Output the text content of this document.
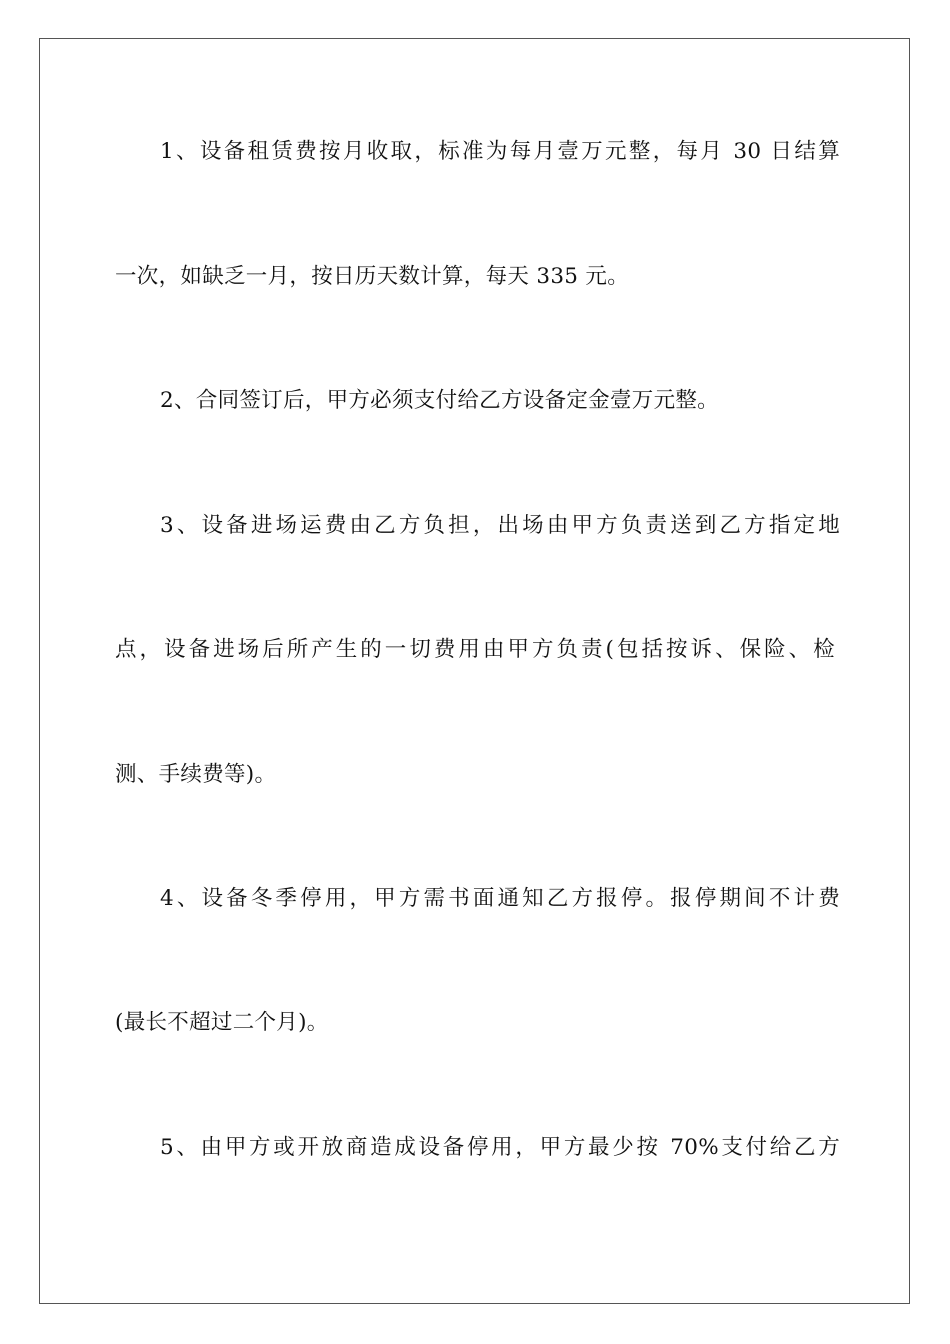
1、设备租赁费按月收取，标准为每月壹万元整，每月 30 日结算
一次，如缺乏一月，按日历天数计算，每天 335 元。
2、合同签订后，甲方必须支付给乙方设备定金壹万元整。
3、设备进场运费由乙方负担，出场由甲方负责送到乙方指定地
点，设备进场后所产生的一切费用由甲方负责(包括按诉、保险、检
测、手续费等)。
4、设备冬季停用，甲方需书面通知乙方报停。报停期间不计费
(最长不超过二个月)。
5、由甲方或开放商造成设备停用，甲方最少按 70%支付给乙方
